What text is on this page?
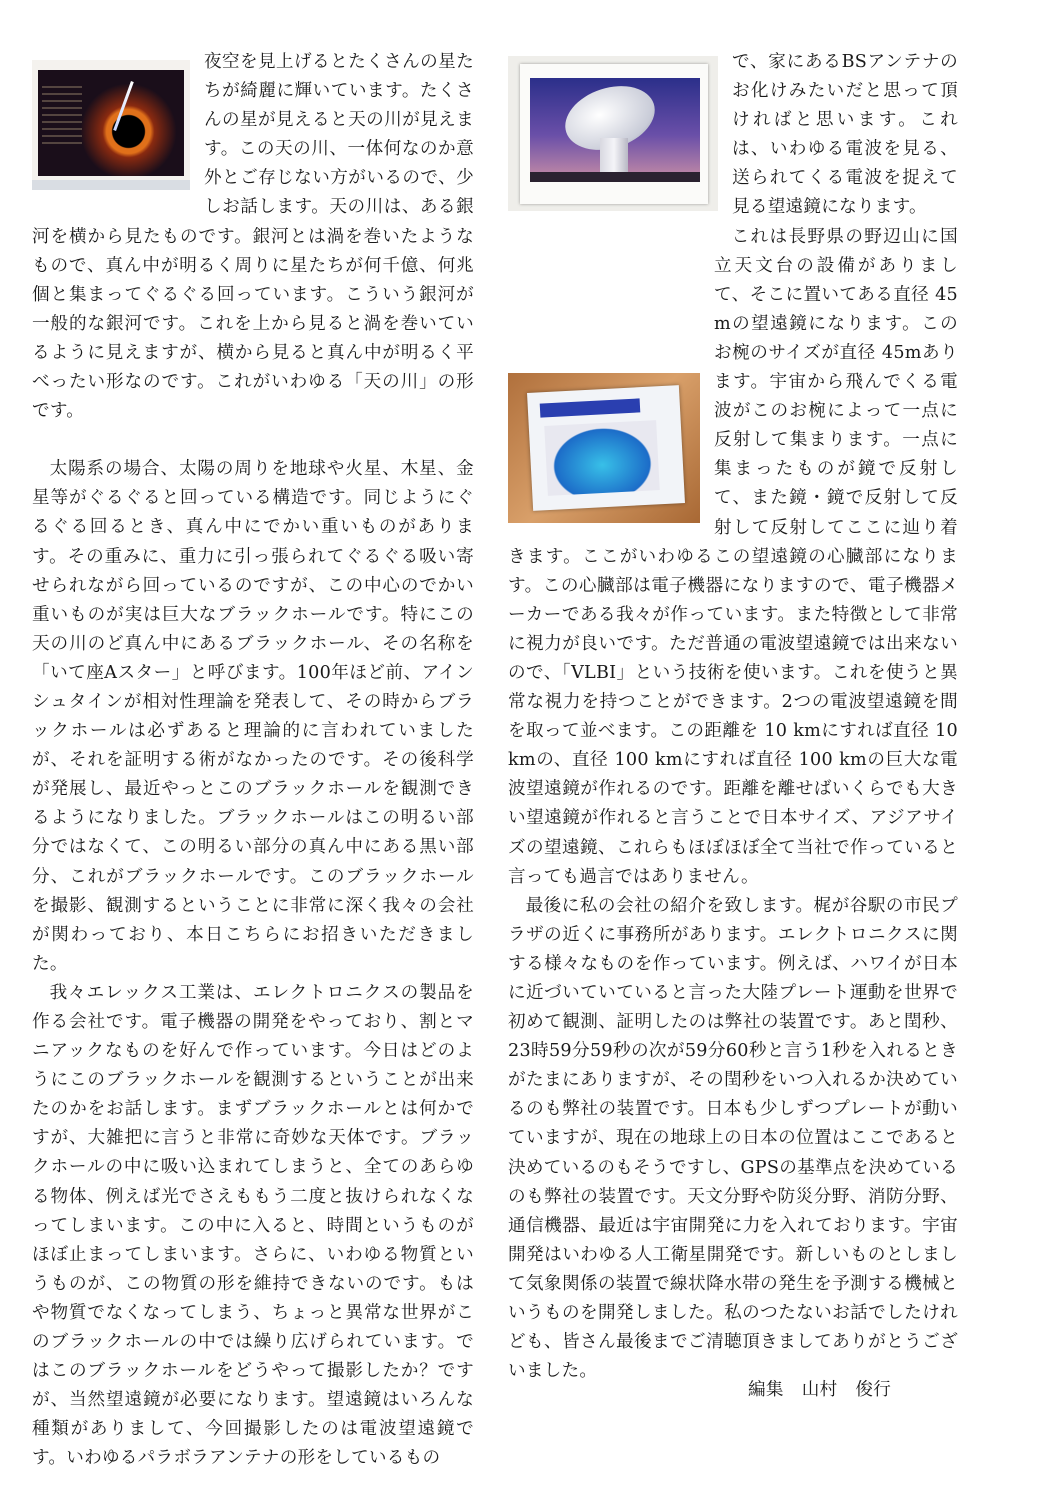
夜空を見上げるとたくさんの星たちが綺麗に輝いています。たくさんの星が見えると天の川が見えます。この天の川、一体何なのか意外とご存じない方がいるので、少しお話します。天の川は、ある銀河を横から見たものです。銀河とは渦を巻いたようなもので、真ん中が明るく周りに星たちが何千億、何兆個と集まってぐるぐる回っています。こういう銀河が一般的な銀河です。これを上から見ると渦を巻いているように見えますが、横から見ると真ん中が明るく平べったい形なのです。これがいわゆる「天の川」の形です。

太陽系の場合、太陽の周りを地球や火星、木星、金星等がぐるぐると回っている構造です。同じようにぐるぐる回るとき、真ん中にでかい重いものがあります。その重みに、重力に引っ張られてぐるぐる吸い寄せられながら回っているのですが、この中心のでかい重いものが実は巨大なブラックホールです。特にこの天の川のど真ん中にあるブラックホール、その名称を「いて座Aスター」と呼びます。100年ほど前、アインシュタインが相対性理論を発表して、その時からブラックホールは必ずあると理論的に言われていましたが、それを証明する術がなかったのです。その後科学が発展し、最近やっとこのブラックホールを観測できるようになりました。ブラックホールはこの明るい部分ではなくて、この明るい部分の真ん中にある黒い部分、これがブラックホールです。このブラックホールを撮影、観測するということに非常に深く我々の会社が関わっており、本日こちらにお招きいただきました。

我々エレックス工業は、エレクトロニクスの製品を作る会社です。電子機器の開発をやっており、割とマニアックなものを好んで作っています。今日はどのようにこのブラックホールを観測するということが出来たのかをお話します。まずブラックホールとは何かですが、大雑把に言うと非常に奇妙な天体です。ブラックホールの中に吸い込まれてしまうと、全てのあらゆる物体、例えば光でさえももう二度と抜けられなくなってしまいます。この中に入ると、時間というものがほぼ止まってしまいます。さらに、いわゆる物質というものが、この物質の形を維持できないのです。もはや物質でなくなってしまう、ちょっと異常な世界がこのブラックホールの中では繰り広げられています。ではこのブラックホールをどうやって撮影したか？ですが、当然望遠鏡が必要になります。望遠鏡はいろんな種類がありまして、今回撮影したのは電波望遠鏡です。いわゆるパラボラアンテナの形をしているもの

で、家にあるBSアンテナのお化けみたいだと思って頂ければと思います。これは、いわゆる電波を見る、送られてくる電波を捉えて見る望遠鏡になります。

これは長野県の野辺山に国立天文台の設備がありまして、そこに置いてある直径 45mの望遠鏡になります。このお椀のサイズが直径 45mあります。宇宙から飛んでくる電波がこのお椀によって一点に反射して集まります。一点に集まったものが鏡で反射して、また鏡・鏡で反射して反射して反射してここに辿り着きます。ここがいわゆるこの望遠鏡の心臓部になります。この心臓部は電子機器になりますので、電子機器メーカーである我々が作っています。また特徴として非常に視力が良いです。ただ普通の電波望遠鏡では出来ないので、「VLBI」という技術を使います。これを使うと異常な視力を持つことができます。2つの電波望遠鏡を間を取って並べます。この距離を 10 kmにすれば直径 10 kmの、直径 100 kmにすれば直径 100 kmの巨大な電波望遠鏡が作れるのです。距離を離せばいくらでも大きい望遠鏡が作れると言うことで日本サイズ、アジアサイズの望遠鏡、これらもほぼほぼ全て当社で作っていると言っても過言ではありません。

最後に私の会社の紹介を致します。梶が谷駅の市民プラザの近くに事務所があります。エレクトロニクスに関する様々なものを作っています。例えば、ハワイが日本に近づいていていると言った大陸プレート運動を世界で初めて観測、証明したのは弊社の装置です。あと閏秒、23時59分59秒の次が59分60秒と言う1秒を入れるときがたまにありますが、その閏秒をいつ入れるか決めているのも弊社の装置です。日本も少しずつプレートが動いていますが、現在の地球上の日本の位置はここであると決めているのもそうですし、GPSの基準点を決めているのも弊社の装置です。天文分野や防災分野、消防分野、通信機器、最近は宇宙開発に力を入れております。宇宙開発はいわゆる人工衛星開発です。新しいものとしまして気象関係の装置で線状降水帯の発生を予測する機械というものを開発しました。私のつたないお話でしたけれども、皆さん最後までご清聴頂きましてありがとうございました。

編集　 山村　俊行
